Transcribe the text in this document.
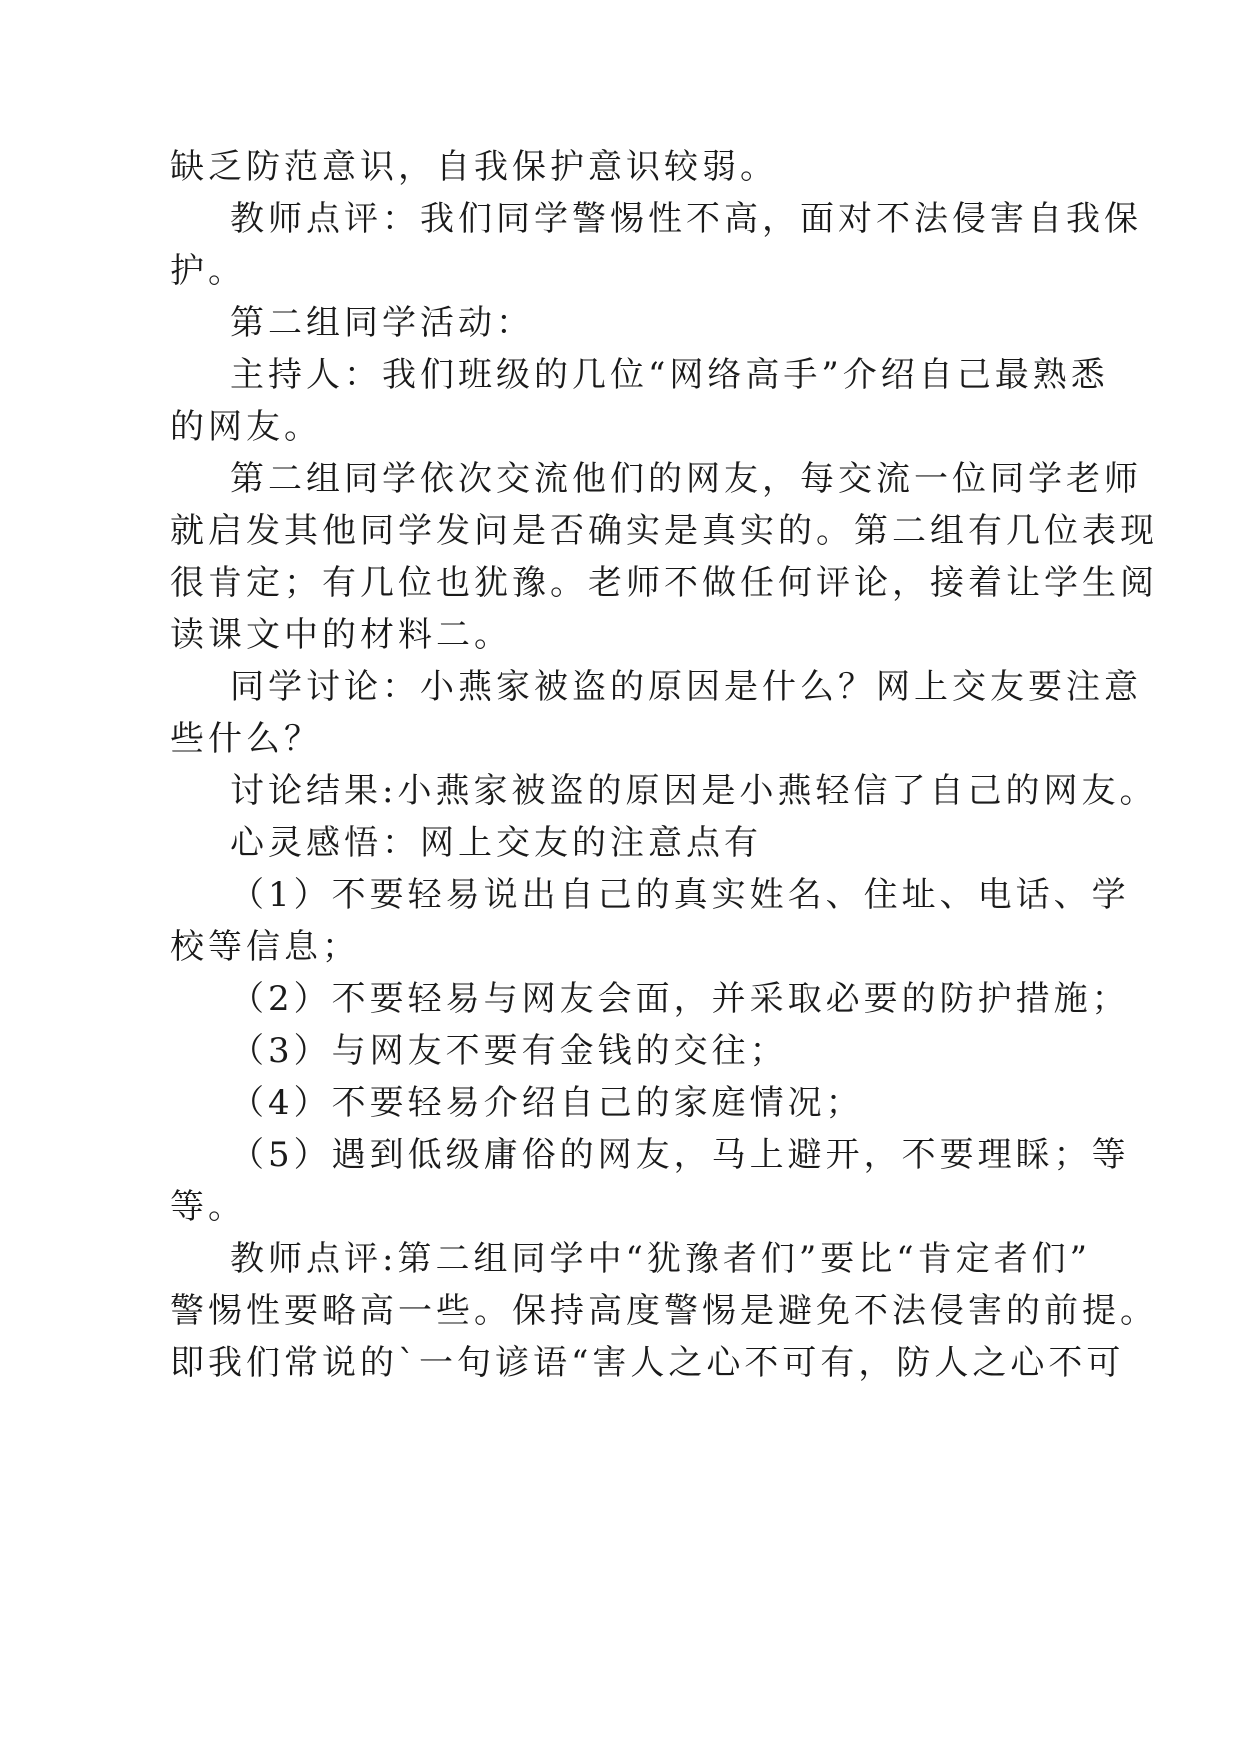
缺乏防范意识，自我保护意识较弱。
教师点评：我们同学警惕性不高，面对不法侵害自我保
护。
第二组同学活动：
主持人：我们班级的几位“网络高手”介绍自己最熟悉
的网友。
第二组同学依次交流他们的网友，每交流一位同学老师
就启发其他同学发问是否确实是真实的。第二组有几位表现
很肯定；有几位也犹豫。老师不做任何评论，接着让学生阅
读课文中的材料二。
同学讨论：小燕家被盗的原因是什么？网上交友要注意
些什么？
讨论结果:小燕家被盗的原因是小燕轻信了自己的网友。
心灵感悟：网上交友的注意点有
（1）不要轻易说出自己的真实姓名、住址、电话、学
校等信息；
（2）不要轻易与网友会面，并采取必要的防护措施；
（3）与网友不要有金钱的交往；
（4）不要轻易介绍自己的家庭情况；
（5）遇到低级庸俗的网友，马上避开，不要理睬；等
等。
教师点评:第二组同学中“犹豫者们”要比“肯定者们”
警惕性要略高一些。保持高度警惕是避免不法侵害的前提。
即我们常说的`一句谚语“害人之心不可有，防人之心不可
